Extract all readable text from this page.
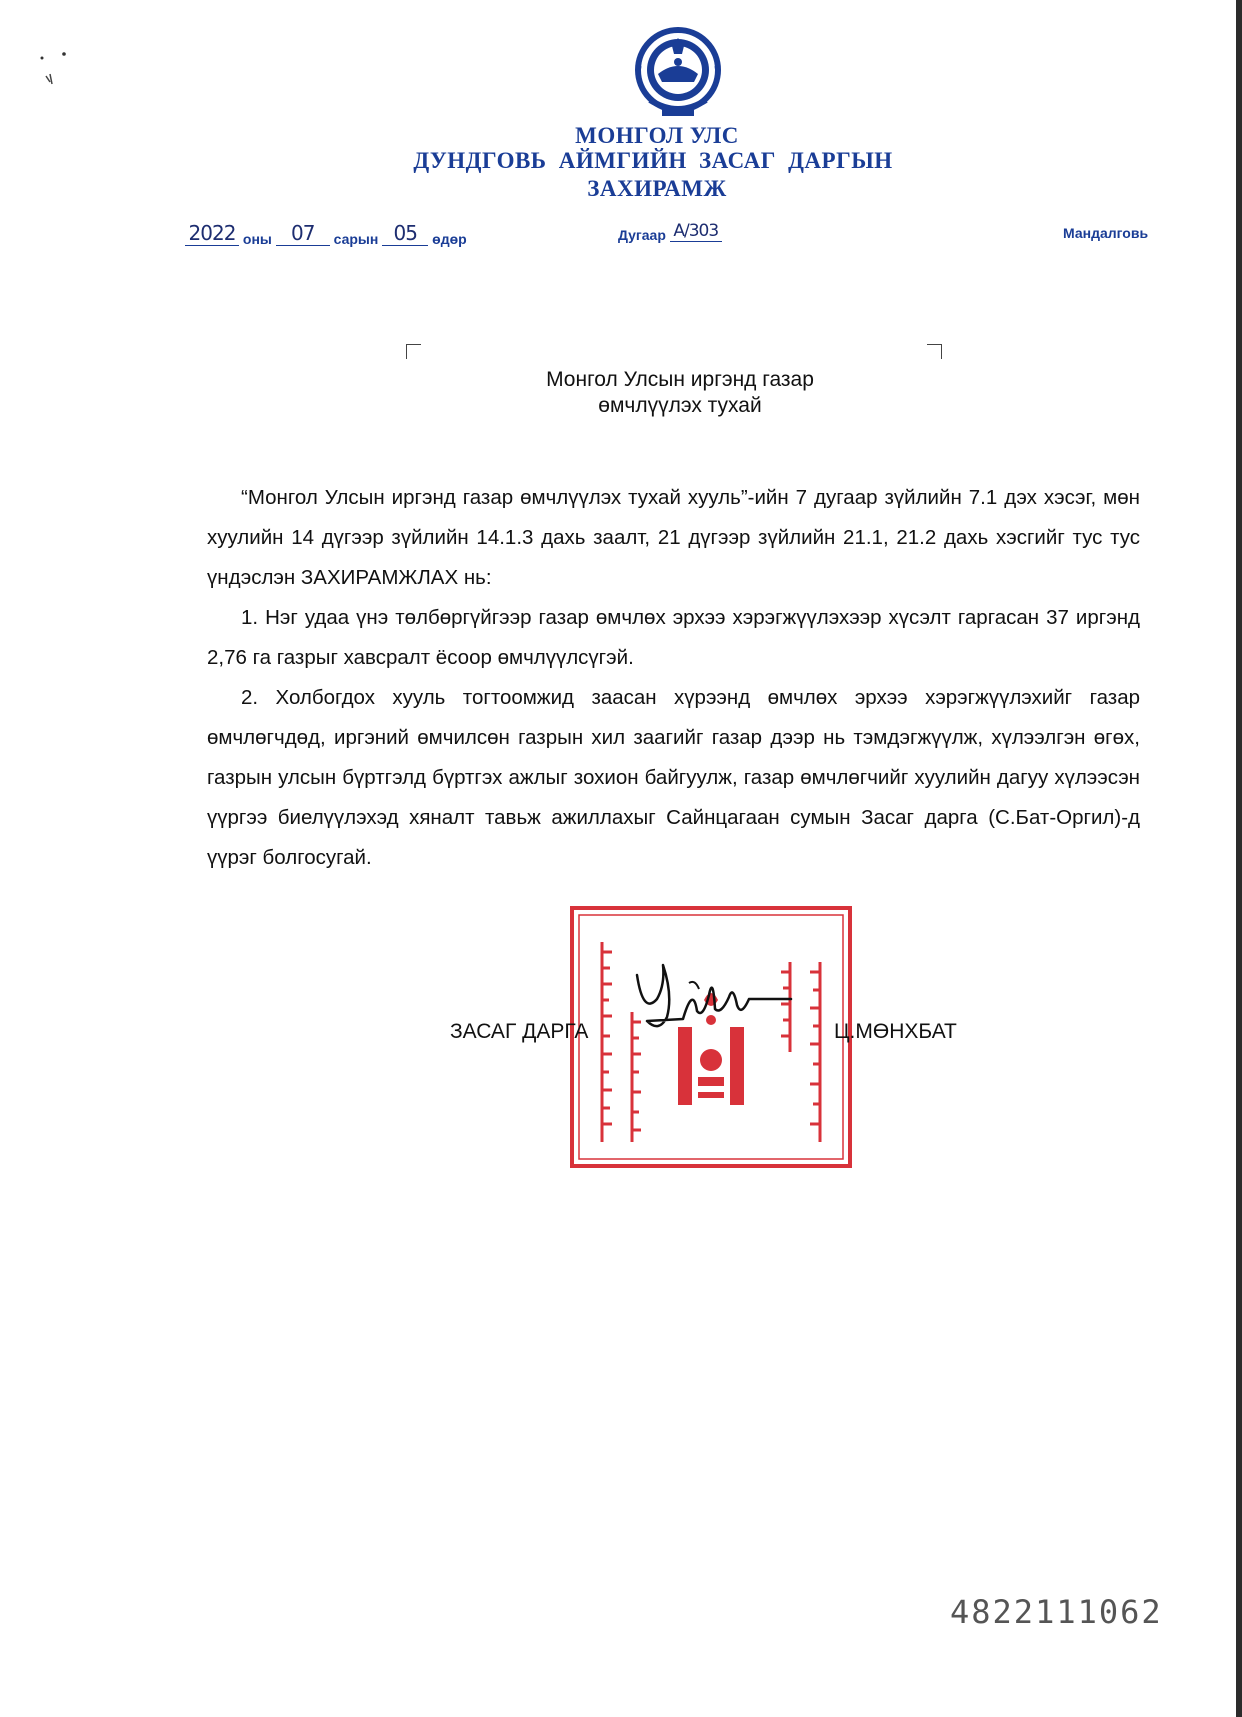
МОНГОЛ УЛС
ДУНДГОВЬ АЙМГИЙН ЗАСАГ ДАРГЫН
ЗАХИРАМЖ
2022 оны 07 сарын 05 өдөр	Дугаар А/303	Мандалговь
Монгол Улсын иргэнд газар
өмчлүүлэх тухай

“Монгол Улсын иргэнд газар өмчлүүлэх тухай хууль”-ийн 7 дугаар зүйлийн 7.1 дэх хэсэг, мөн хуулийн 14 дүгээр зүйлийн 14.1.3 дахь заалт, 21 дүгээр зүйлийн 21.1, 21.2 дахь хэсгийг тус тус үндэслэн ЗАХИРАМЖЛАХ нь:

1. Нэг удаа үнэ төлбөргүйгээр газар өмчлөх эрхээ хэрэгжүүлэхээр хүсэлт гаргасан 37 иргэнд 2,76 га газрыг хавсралт ёсоор өмчлүүлсүгэй.

2. Холбогдох хууль тогтоомжид заасан хүрээнд өмчлөх эрхээ хэрэгжүүлэхийг газар өмчлөгчдөд, иргэний өмчилсөн газрын хил заагийг газар дээр нь тэмдэгжүүлж, хүлээлгэн өгөх, газрын улсын бүртгэлд бүртгэх ажлыг зохион байгуулж, газар өмчлөгчийг хуулийн дагуу хүлээсэн үүргээ биелүүлэхэд хяналт тавьж ажиллахыг Сайнцагаан сумын Засаг дарга (С.Бат-Оргил)-д үүрэг болгосугай.

ЗАСАГ ДАРГА	Ц.МӨНХБАТ
4822111062
